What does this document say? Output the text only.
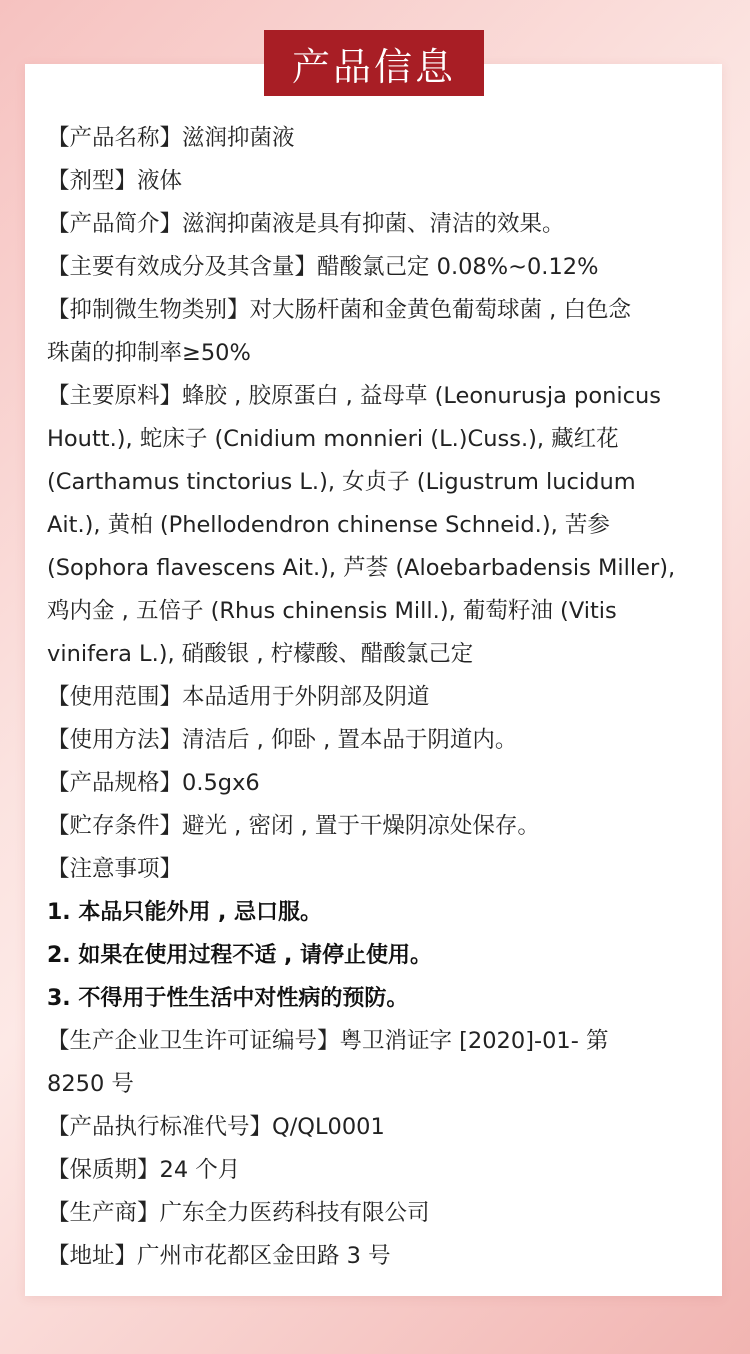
产品信息
【产品名称】滋润抑菌液
【剂型】液体
【产品简介】滋润抑菌液是具有抑菌、清洁的效果。
【主要有效成分及其含量】醋酸氯己定 0.08%~0.12%
【抑制微生物类别】对大肠杆菌和金黄色葡萄球菌 , 白色念
珠菌的抑制率≥50%
【主要原料】蜂胶 , 胶原蛋白 , 益母草 (Leonurusja ponicus
Houtt.), 蛇床子 (Cnidium monnieri (L.)Cuss.), 藏红花
(Carthamus tinctorius L.), 女贞子 (Ligustrum lucidum
Ait.), 黄柏 (Phellodendron chinense Schneid.), 苦参
(Sophora flavescens Ait.), 芦荟 (Aloebarbadensis Miller),
鸡内金 , 五倍子 (Rhus chinensis Mill.), 葡萄籽油 (Vitis
vinifera L.), 硝酸银 , 柠檬酸、醋酸氯己定
【使用范围】本品适用于外阴部及阴道
【使用方法】清洁后 , 仰卧 , 置本品于阴道内。
【产品规格】0.5gx6
【贮存条件】避光 , 密闭 , 置于干燥阴凉处保存。
【注意事项】
1. 本品只能外用 , 忌口服。
2. 如果在使用过程不适 , 请停止使用。
3. 不得用于性生活中对性病的预防。
【生产企业卫生许可证编号】粤卫消证字 [2020]-01- 第
8250 号
【产品执行标准代号】Q/QL0001
【保质期】24 个月
【生产商】广东全力医药科技有限公司
【地址】广州市花都区金田路 3 号
